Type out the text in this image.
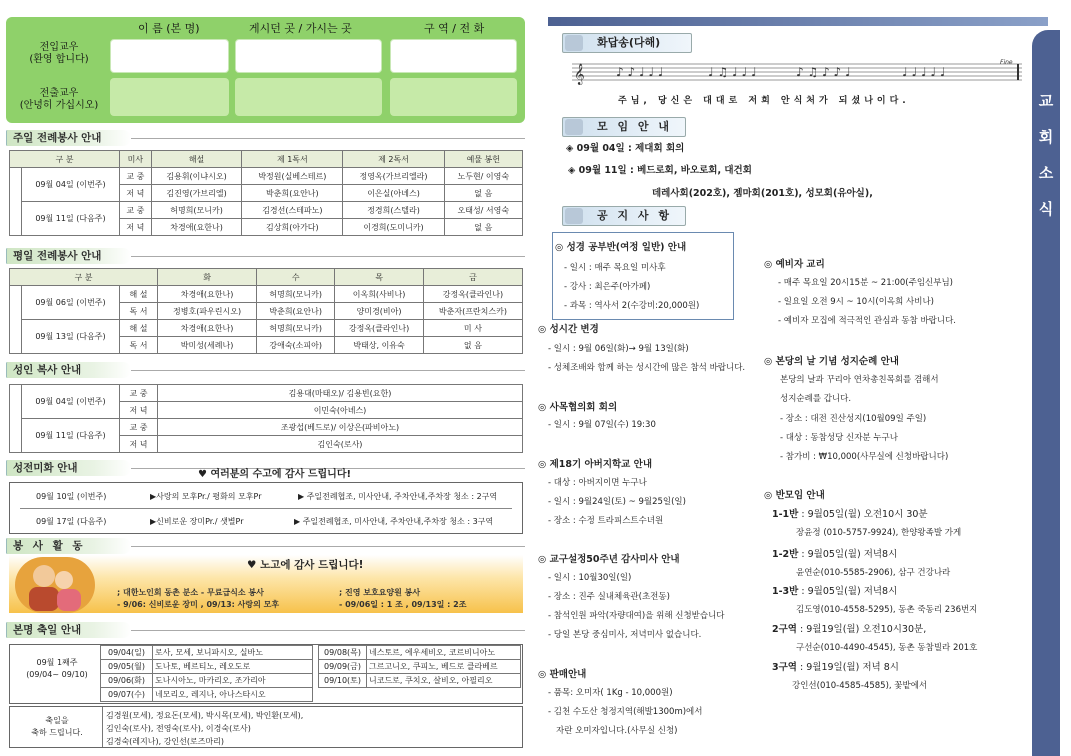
이 름 (본 명)	게시던 곳 / 가시는 곳	구 역 / 전 화
전입교우
(환영 합니다)
전출교우
(안녕히 가십시오)
주일 전례봉사 안내
구 분		미사	해설	제 1독서	제 2독서	예물 봉헌
	09월 04일 (이번주)	교 중	김용휘(이냐시오)	박정원(실베스테르)	정영옥(가브리엘라)	노두현/ 이영숙
		저 녁	김진영(가브리엘)	박춘희(요안나)	이은실(아녜스)	없 음
	09월 11일 (다음주)	교 중	허명희(모니카)	김경선(스테파노)	정경희(스텔라)	오태성/ 서영숙
		저 녁	차경애(요한나)	김상희(아가다)	이경희(도미니카)	없 음
평일 전례봉사 안내
구 분			화	수	목	금
	09월 06일 (이번주)	해 설	차경애(요한나)	허명희(모니카)	이옥희(사비나)	강정옥(클라인나)
		독 서	정병호(파우린시오)	박춘희(요안나)	양미경(비아)	박춘자(프란치스카)
	09월 13일 (다음주)	해 설	차경애(요한나)	허명희(모니카)	강정옥(클라인나)	미 사
		독 서	박미성(세례나)	강애숙(소피아)	박태상, 이유숙	없 음
성인 복사 안내
	09월 04일 (이번주)	교 중	김용대(마태오)/ 김용빈(요한)
		저 녁	이민숙(아녜스)
	09월 11일 (다음주)	교 중	조광섭(베드로)/ 이상은(파비아노)
		저 녁	김인숙(로사)
성전미화 안내
♥ 여러분의 수고에 감사 드립니다!
09월 10일 (이번주)	▶사랑의 모후Pr./ 평화의 모후Pr	▶ 주일전례협조, 미사안내, 주차안내,주차장 청소 : 2구역
09월 17일 (다음주)	▶신비로운 장미Pr./ 샛별Pr	▶ 주일전례협조, 미사안내, 주차안내,주차장 청소 : 3구역
봉 사 활 동
♥ 노고에 감사 드립니다!
; 대한노인회 동촌 분소 - 무료급식소 봉사
- 9/06: 신비로운 장미 , 09/13: 사랑의 모후
; 진영 보호요양원 봉사
- 09/06일 : 1 조 , 09/13일 : 2조
본명 축일 안내
09월 1째주
(09/04~ 09/10)
09/04(일)	로사, 모세, 보니파시오, 실바노
09/05(월)	도나토, 베르티노, 레오도로
09/06(화)	도나시아노, 마카리오, 조가리아
09/07(수)	네모리오, 레지나, 아나스타시오
09/08(목)	네스토르, 에우세비오, 코르비니아노
09/09(금)	그르고니오, 쿠피노, 베드로 클라베르
09/10(토)	니코드로, 쿠치오, 살비오, 아필리오
축일을
축하 드립니다.
김경원(모세), 정요돈(모세), 박시목(모세), 박인환(모세),
김인숙(로사), 전영숙(로사), 이경숙(로사)
김경숙(레지나), 강인선(로즈마리)
교
회
소
식
화답송(다해)
𝄞	♪ ♪ ♩ ♩ ♩	♩ ♫ ♩ ♩ ♩	♪ ♫ ♪ ♪ ♩	♩ ♩ ♩ ♩ ♩
Fine
주님, 당신은 대대로 저희 안식처가 되셨나이다.
모 임 안 내
◈ 09월 04일 : 제대회 회의
◈ 09월 11일 : 베드로회, 바오로회, 대건회
데레사회(202호), 젬마회(201호), 성모회(유아실),
공 지 사 항
◎ 성경 공부반(여정 일반) 안내
- 일시 : 매주 목요일 미사후
- 강사 : 최은주(아가페)
- 과목 : 역사서 2(수강비:20,000원)
◎ 성시간 변경
- 일시 : 9월 06일(화)→ 9월 13일(화)
- 성체조배와 함께 하는 성시간에 많은 참석 바랍니다.
◎ 사목협의회 회의
- 일시 : 9월 07일(수) 19:30
◎ 제18기 아버지학교 안내
- 대상 : 아버지이면 누구나
- 일시 : 9월24일(토) ~ 9월25일(일)
- 장소 : 수정 트라피스트수녀원
◎ 교구설정50주년 감사미사 안내
- 일시 : 10월30일(일)
- 장소 : 진주 실내체육관(초전동)
- 참석인원 파악(자량대여)을 위해 신청받습니다
- 당일 본당 중심미사, 저녁미사 없습니다.
◎ 판매안내
- 품목: 오미자( 1Kg - 10,000원)
- 김천 수도산 청정지역(해발1300m)에서
자란 오미자입니다.(사무실 신청)
◎ 예비자 교리
- 매주 목요일 20시15분 ~ 21:00(주임신부님)
- 일요일 오전 9시 ~ 10시(이옥희 사비나)
- 예비자 모집에 적극적인 관심과 동참 바랍니다.
◎ 본당의 날 기념 성지순례 안내
본당의 날과 꾸리아 연차총친목회를 겸해서
성지순례를 갑니다.
- 장소 : 대전 진산성지(10월09일 주일)
- 대상 : 동참성당 신자분 누구나
- 참가비 : ₩10,000(사무실에 신청바랍니다)
◎ 반모임 안내
1-1반 : 9월05일(월) 오전10시 30분
장윤정 (010-5757-9924), 한양왕족발 가게
1-2반 : 9월05일(월) 저녁8시
윤연순(010-5585-2906), 삼구 건강나라
1-3반 : 9월05일(월) 저녁8시
김도영(010-4558-5295), 동촌 죽동리 236번지
2구역 : 9월19일(월) 오전10시30분,
구선순(010-4490-4545), 동촌 동참빌라 201호
3구역 : 9월19일(월) 저녁 8시
강인선(010-4585-4585), 꽃밭에서
